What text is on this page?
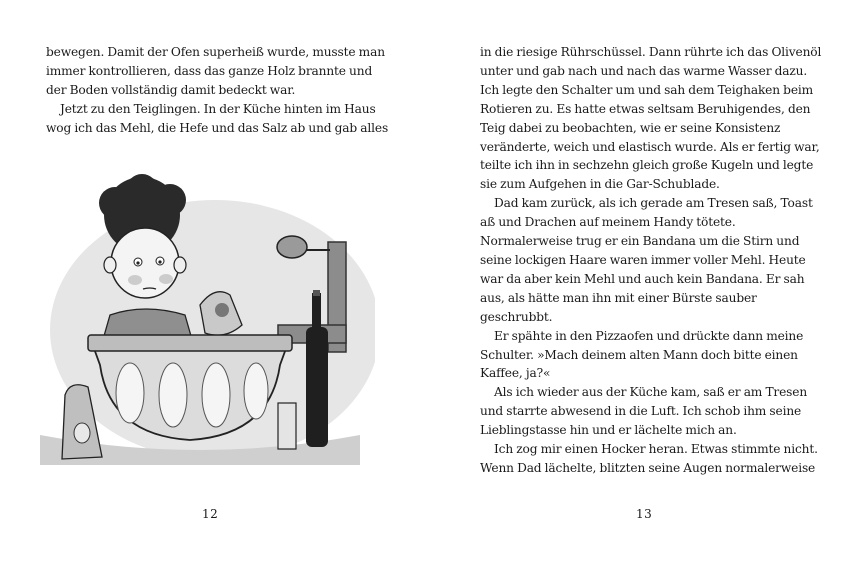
bewegen. Damit der Ofen superheiß wurde, musste man
immer kontrollieren, dass das ganze Holz brannte und
der Boden vollständig damit bedeckt war.
Jetzt zu den Teiglingen. In der Küche hinten im Haus
wog ich das Mehl, die Hefe und das Salz ab und gab alles
12
in die riesige Rührschüssel. Dann rührte ich das Olivenöl
unter und gab nach und nach das warme Wasser dazu.
Ich legte den Schalter um und sah dem Teighaken beim
Rotieren zu. Es hatte etwas seltsam Beruhigendes, den
Teig dabei zu beobachten, wie er seine Konsistenz
veränderte, weich und elastisch wurde. Als er fertig war,
teilte ich ihn in sechzehn gleich große Kugeln und legte
sie zum Aufgehen in die Gar-Schublade.
Dad kam zurück, als ich gerade am Tresen saß, Toast
aß und Drachen auf meinem Handy tötete.
Normalerweise trug er ein Bandana um die Stirn und
seine lockigen Haare waren immer voller Mehl. Heute
war da aber kein Mehl und auch kein Bandana. Er sah
aus, als hätte man ihn mit einer Bürste sauber
geschrubbt.
Er spähte in den Pizzaofen und drückte dann meine
Schulter. »Mach deinem alten Mann doch bitte einen
Kaffee, ja?«
Als ich wieder aus der Küche kam, saß er am Tresen
und starrte abwesend in die Luft. Ich schob ihm seine
Lieblingstasse hin und er lächelte mich an.
Ich zog mir einen Hocker heran. Etwas stimmte nicht.
Wenn Dad lächelte, blitzten seine Augen normalerweise
13
